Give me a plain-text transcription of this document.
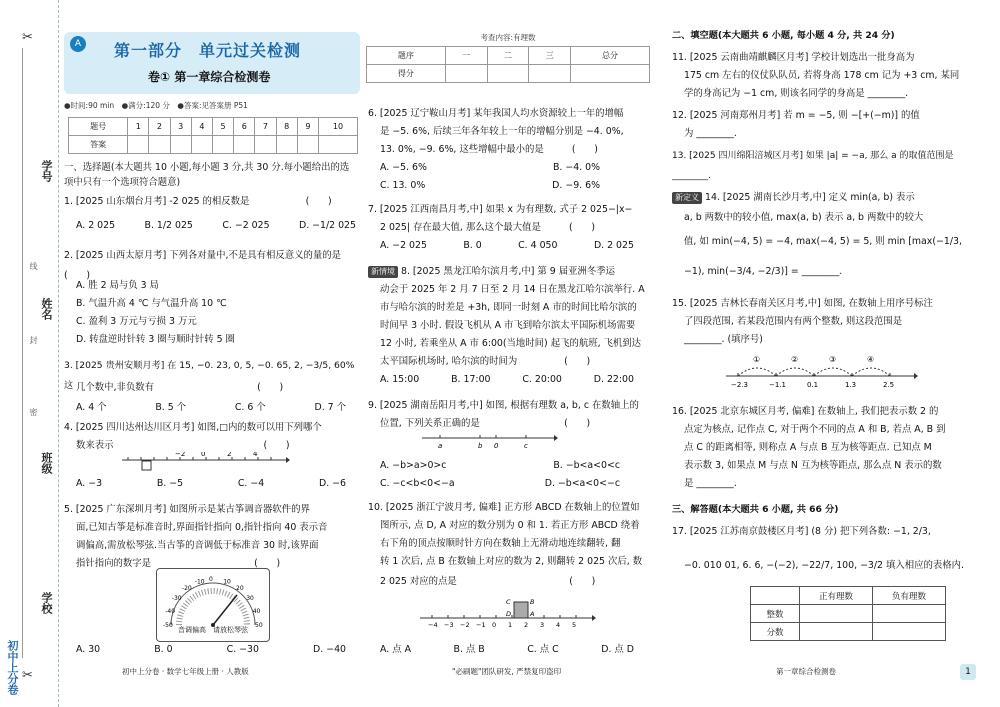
✂
✂
学号
姓名
班级
学校
线
封
密
初中上分卷
A	第一部分　单元过关检测
卷① 第一章综合检测卷
●时间:90 min　●满分:120 分　●答案:见答案册 P51
考查内容:有理数
题序	一	二	三	总分
得分				
题号	1	2	3	4	5	6	7	8	9	10
答案										
一、选择题(本大题共 10 小题,每小题 3 分,共 30 分.每小题给出的选项中只有一个选项符合题意)
1. [2025 山东烟台月考] -2 025 的相反数是　　　　　　(　　)
A. 2 025	B. 1/2 025	C. −2 025	D. −1/2 025
2. [2025 山西太原月考] 下列各对量中,不是具有相反意义的量的是　　　　　　　　　　　　　　　　　(　　)
A. 胜 2 局与负 3 局
B. 气温升高 4 ℃ 与气温升高 10 ℃
C. 盈利 3 万元与亏损 3 万元
D. 转盘逆时针转 3 圈与顺时针转 5 圈
3. [2025 贵州安顺月考] 在 15, −0. 23, 0, 5, −0. 65, 2, −3/5, 60% 这 几个数中,非负数有　　　　　　　　　　　(　　)
A. 4 个	B. 5 个	C. 6 个	D. 7 个
4. [2025 四川达州达川区月考] 如图,□内的数可以用下列哪个
数来表示　　　　　　　　　　　　　　　　(　　)
−2 0	2	4
A. −3	B. −5	C. −4	D. −6
5. [2025 广东深圳月考] 如图所示是某古筝调音器软件的界
面,已知古筝是标准音时,界面指针指向 0,指针指向 40 表示音
调偏高,需放松琴弦.当古筝的音调低于标准音 30 时,该界面
指针指向的数字是　　　　　　　　　　　(　　)
0
-10
-20
-30
-40
-50
10
20
30
40
50
音调偏高　请放松琴弦
A. 30	B. 0	C. −30	D. −40
6. [2025 辽宁鞍山月考] 某年我国人均水资源较上一年的增幅
是 −5. 6%, 后续三年各年较上一年的增幅分别是 −4. 0%,
13. 0%, −9. 6%, 这些增幅中最小的是　　　(　　)
A. −5. 6%	B. −4. 0%
C. 13. 0%	D. −9. 6%
7. [2025 江西南昌月考,中] 如果 x 为有理数, 式子 2 025−|x−
2 025| 存在最大值, 那么这个最大值是　　　(　　)
A. −2 025	B. 0	C. 4 050	D. 2 025
新情境 8. [2025 黑龙江哈尔滨月考,中] 第 9 届亚洲冬季运
动会于 2025 年 2 月 7 日至 2 月 14 日在黑龙江哈尔滨举行. A
市与哈尔滨的时差是 +3h, 即同一时刻 A 市的时间比哈尔滨的
时间早 3 小时. 假设飞机从 A 市飞到哈尔滨太平国际机场需要
12 小时, 若乘坐从 A 市 6:00(当地时间) 起飞的航班, 飞机到达
太平国际机场时, 哈尔滨的时间为　　　　　(　　)
A. 15:00	B. 17:00	C. 20:00	D. 22:00
9. [2025 湖南岳阳月考,中] 如图, 根据有理数 a, b, c 在数轴上的
位置, 下列关系正确的是　　　　　　　　　(　　)
a	b 0	c
A. −b>a>0>c	B. −b<a<0<c
C. −c<b<0<−a	D. −b<a<0<−c
10. [2025 浙江宁波月考, 偏难] 正方形 ABCD 在数轴上的位置如
图所示, 点 D, A 对应的数分别为 0 和 1. 若正方形 ABCD 绕着
右下角的顶点按顺时针方向在数轴上无滑动地连续翻转, 翻
转 1 次后, 点 B 在数轴上对应的数为 2, 则翻转 2 025 次后, 数
2 025 对应的点是　　　　　　　　　　　　(　　)
−4 −3 −2 −1 0 1 2 3 4 5
C
D
B
A
A. 点 A	B. 点 B	C. 点 C	D. 点 D
二、填空题(本大题共 6 小题, 每小题 4 分, 共 24 分)
11. [2025 云南曲靖麒麟区月考] 学校计划选出一批身高为
175 cm 左右的仪仗队队员, 若将身高 178 cm 记为 +3 cm, 某同
学的身高记为 −1 cm, 则该名同学的身高是 ________.
12. [2025 河南郑州月考] 若 m = −5, 则 −[+(−m)] 的值
为 ________.
13. [2025 四川绵阳涪城区月考] 如果 |a| = −a, 那么 a 的取值范围是 ________.
新定义 14. [2025 湖南长沙月考,中] 定义 min(a, b) 表示
a, b 两数中的较小值, max(a, b) 表示 a, b 两数中的较大
值, 如 min(−4, 5) = −4, max(−4, 5) = 5, 则 min [max(−1/3,
−1), min(−3/4, −2/3)] = ________.
15. [2025 吉林长春南关区月考,中] 如图, 在数轴上用序号标注
了四段范围, 若某段范围内有两个整数, 则这段范围是
________. (填序号)
−2.3	−1.1	0.1	1.3	2.5
①	②	③	④
16. [2025 北京东城区月考, 偏难] 在数轴上, 我们把表示数 2 的
点定为核点, 记作点 C, 对于两个不同的点 A 和 B, 若点 A, B 到
点 C 的距离相等, 则称点 A 与点 B 互为核等距点. 已知点 M
表示数 3, 如果点 M 与点 N 互为核等距点, 那么点 N 表示的数
是 ________.
三、解答题(本大题共 6 小题, 共 66 分)
17. [2025 江苏南京鼓楼区月考] (8 分) 把下列各数: −1, 2/3,
−0. 010 01, 6. 6, −(−2), −22/7, 100, −3/2 填入相应的表格内.
	正有理数	负有理数
整数		
分数		
初中上分卷 · 数学七年级上册 · 人教版	"必刷题"团队研发, 严禁复印盗印	第一章综合检测卷	1
